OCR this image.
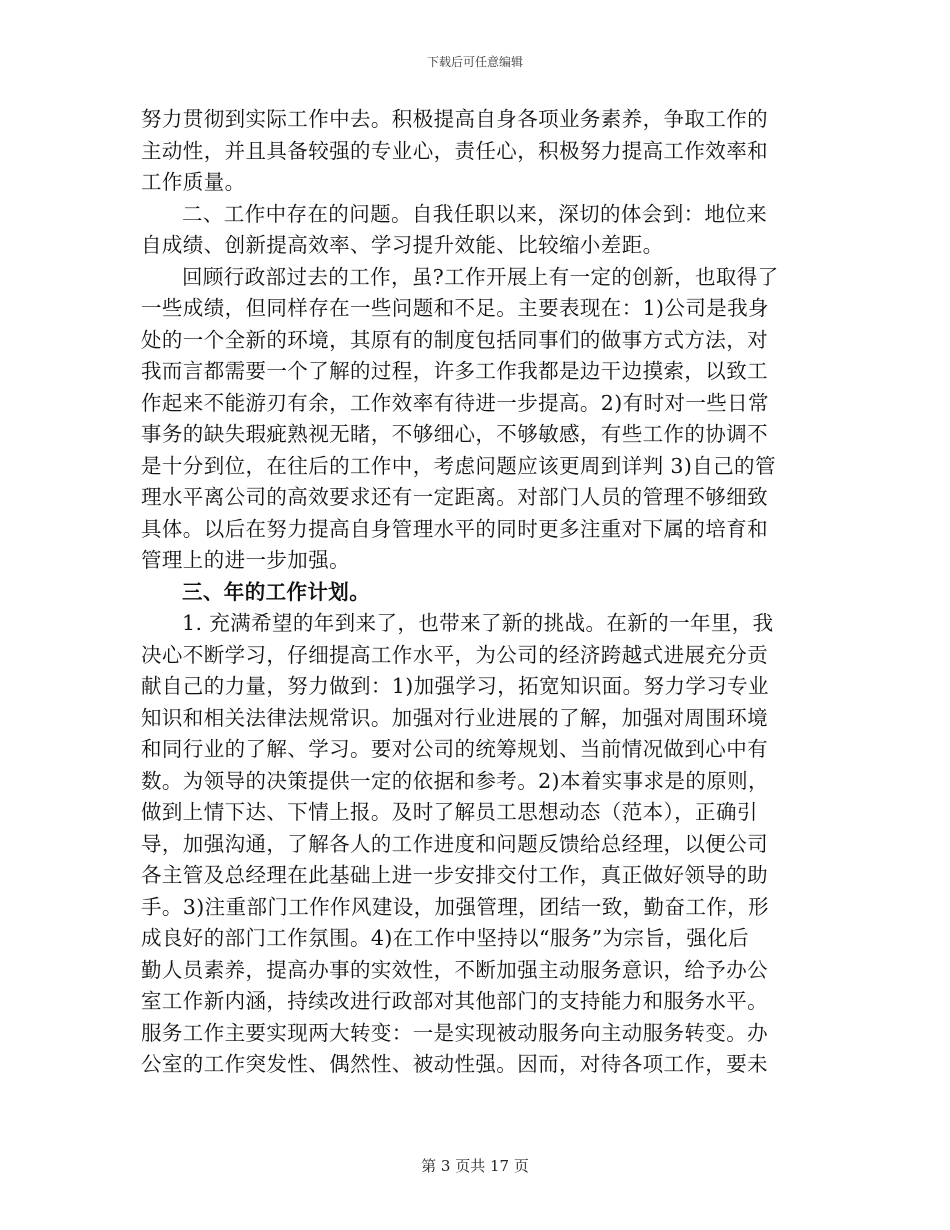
下载后可任意编辑
努力贯彻到实际工作中去。积极提高自身各项业务素养，争取工作的
主动性，并且具备较强的专业心，责任心，积极努力提高工作效率和
工作质量。
二、工作中存在的问题。自我任职以来，深切的体会到：地位来
自成绩、创新提高效率、学习提升效能、比较缩小差距。
回顾行政部过去的工作，虽?工作开展上有一定的创新，也取得了
一些成绩，但同样存在一些问题和不足。主要表现在：1)公司是我身
处的一个全新的环境，其原有的制度包括同事们的做事方式方法，对
我而言都需要一个了解的过程，许多工作我都是边干边摸索，以致工
作起来不能游刃有余，工作效率有待进一步提高。2)有时对一些日常
事务的缺失瑕疵熟视无睹，不够细心，不够敏感，有些工作的协调不
是十分到位，在往后的工作中，考虑问题应该更周到详判 3)自己的管
理水平离公司的高效要求还有一定距离。对部门人员的管理不够细致
具体。以后在努力提高自身管理水平的同时更多注重对下属的培育和
管理上的进一步加强。
三、年的工作计划。
1. 充满希望的年到来了，也带来了新的挑战。在新的一年里，我
决心不断学习，仔细提高工作水平，为公司的经济跨越式进展充分贡
献自己的力量，努力做到：1)加强学习，拓宽知识面。努力学习专业
知识和相关法律法规常识。加强对行业进展的了解，加强对周围环境
和同行业的了解、学习。要对公司的统筹规划、当前情况做到心中有
数。为领导的决策提供一定的依据和参考。2)本着实事求是的原则，
做到上情下达、下情上报。及时了解员工思想动态（范本），正确引
导，加强沟通，了解各人的工作进度和问题反馈给总经理，以便公司
各主管及总经理在此基础上进一步安排交付工作，真正做好领导的助
手。3)注重部门工作作风建设，加强管理，团结一致，勤奋工作，形
成良好的部门工作氛围。4)在工作中坚持以“服务”为宗旨，强化后
勤人员素养，提高办事的实效性，不断加强主动服务意识，给予办公
室工作新内涵，持续改进行政部对其他部门的支持能力和服务水平。
服务工作主要实现两大转变：一是实现被动服务向主动服务转变。办
公室的工作突发性、偶然性、被动性强。因而，对待各项工作，要未
第 3 页共 17 页
